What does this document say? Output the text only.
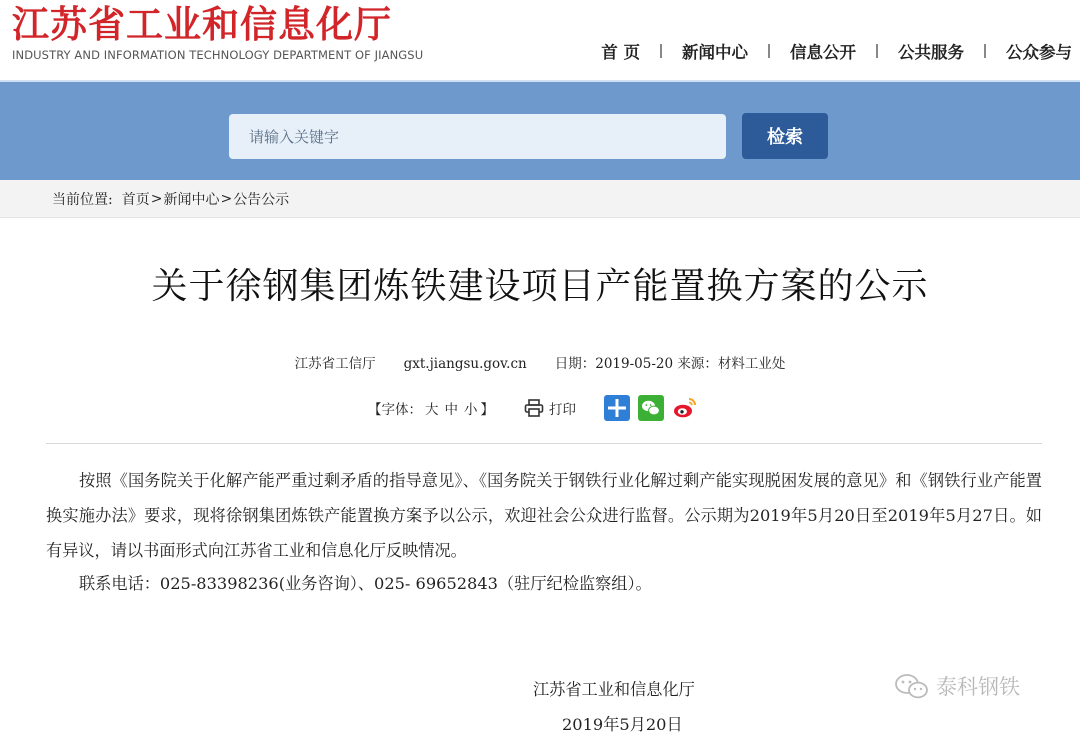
江苏省工业和信息化厅
INDUSTRY AND INFORMATION TECHNOLOGY DEPARTMENT OF JIANGSU	首 页	新闻中心	信息公开	公共服务	公众参与
请输入关键字
检索
当前位置: 首页 > 新闻中心 > 公告公示
关于徐钢集团炼铁建设项目产能置换方案的公示
江苏省工信厅 gxt.jiangsu.gov.cn 日期：2019-05-20 来源：材料工业处
【字体： 大 中 小 】	打印

按照《国务院关于化解产能严重过剩矛盾的指导意见》、《国务院关于钢铁行业化解过剩产能实现脱困发展的意见》和《钢铁行业产能置换实施办法》要求，现将徐钢集团炼铁产能置换方案予以公示，欢迎社会公众进行监督。公示期为2019年5月20日至2019年5月27日。如有异议，请以书面形式向江苏省工业和信息化厅反映情况。

联系电话：025-83398236(业务咨询）、025- 69652843（驻厅纪检监察组）。

江苏省工业和信息化厅

2019年5月20日

泰科钢铁
